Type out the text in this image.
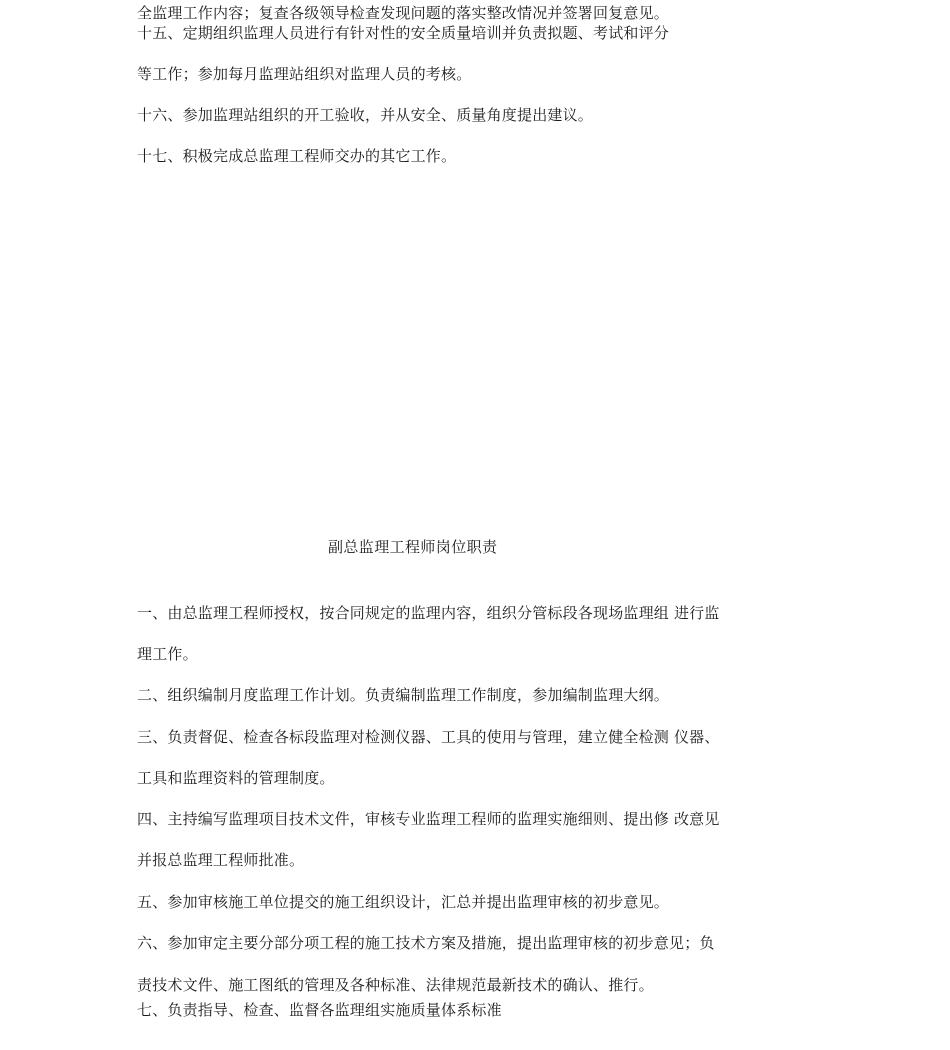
全监理工作内容；复查各级领导检查发现问题的落实整改情况并签署回复意见。
十五、定期组织监理人员进行有针对性的安全质量培训并负责拟题、考试和评分
等工作；参加每月监理站组织对监理人员的考核。
十六、参加监理站组织的开工验收，并从安全、质量角度提出建议。
十七、积极完成总监理工程师交办的其它工作。
副总监理工程师岗位职责
一、由总监理工程师授权，按合同规定的监理内容，组织分管标段各现场监理组 进行监
理工作。
二、组织编制月度监理工作计划。负责编制监理工作制度，参加编制监理大纲。
三、负责督促、检查各标段监理对检测仪器、工具的使用与管理，建立健全检测 仪器、
工具和监理资料的管理制度。
四、主持编写监理项目技术文件，审核专业监理工程师的监理实施细则、提出修 改意见
并报总监理工程师批准。
五、参加审核施工单位提交的施工组织设计，汇总并提出监理审核的初步意见。
六、参加审定主要分部分项工程的施工技术方案及措施，提出监理审核的初步意见；负
责技术文件、施工图纸的管理及各种标准、法律规范最新技术的确认、推行。
七、负责指导、检查、监督各监理组实施质量体系标准
